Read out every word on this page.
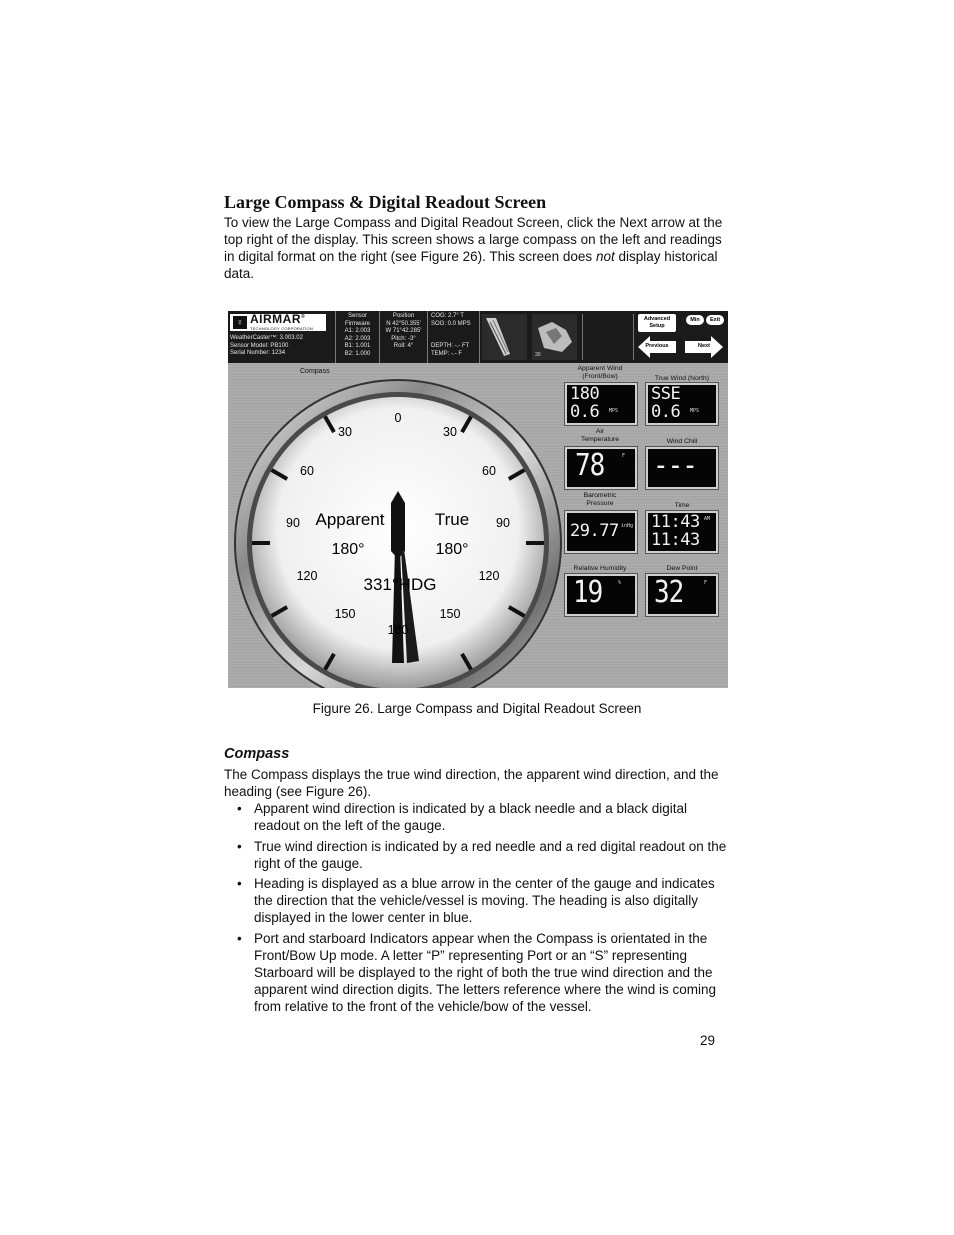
Large Compass & Digital Readout Screen

To view the Large Compass and Digital Readout Screen, click the Next arrow at the top right of the display. This screen shows a large compass on the left and readings in digital format on the right (see Figure 26). This screen does not display historical data.

♀ AIRMAR®
TECHNOLOGY CORPORATION
WeatherCaster™: 3.003.02
Sensor Model: PB100
Serial Number: 1234
Sensor
Firmware
A1: 2.003
A2: 2.003
B1: 1.001
B2: 1.000
Position
N 42°50.355'
W 71°42.285'
Pitch: -3°
Roll: 4°
COG: 2.7° T
SOG: 0.0 MPS
DEPTH: -.- FT
TEMP: -.- F	30
Advanced
Setup
Min	Exit
Previous	Next
Compass
0
30	30
60	60
90	90
120	120
150	150
Apparent
180°
True
180°
331°HDG
180
Apparent Wind
(Front/Bow)
180
0.6 MPS
True Wind (North)
SSE
0.6 MPS
Air
Temperature
78	F
Wind Chill
---
Barometric
Pressure
29.77 inHg
Time
11:43
11:43
AM
Relative Humidity
19	%
Dew Point
32	F

Figure 26. Large Compass and Digital Readout Screen

Compass

The Compass displays the true wind direction, the apparent wind direction, and the heading (see Figure 26).

• Apparent wind direction is indicated by a black needle and a black digital readout on the left of the gauge.
• True wind direction is indicated by a red needle and a red digital readout on the right of the gauge.
• Heading is displayed as a blue arrow in the center of the gauge and indicates the direction that the vehicle/vessel is moving. The heading is also digitally displayed in the lower center in blue.
• Port and starboard Indicators appear when the Compass is orientated in the Front/Bow Up mode. A letter “P” representing Port or an “S” representing Starboard will be displayed to the right of both the true wind direction and the apparent wind direction digits. The letters reference where the wind is coming from relative to the front of the vehicle/bow of the vessel.

29
